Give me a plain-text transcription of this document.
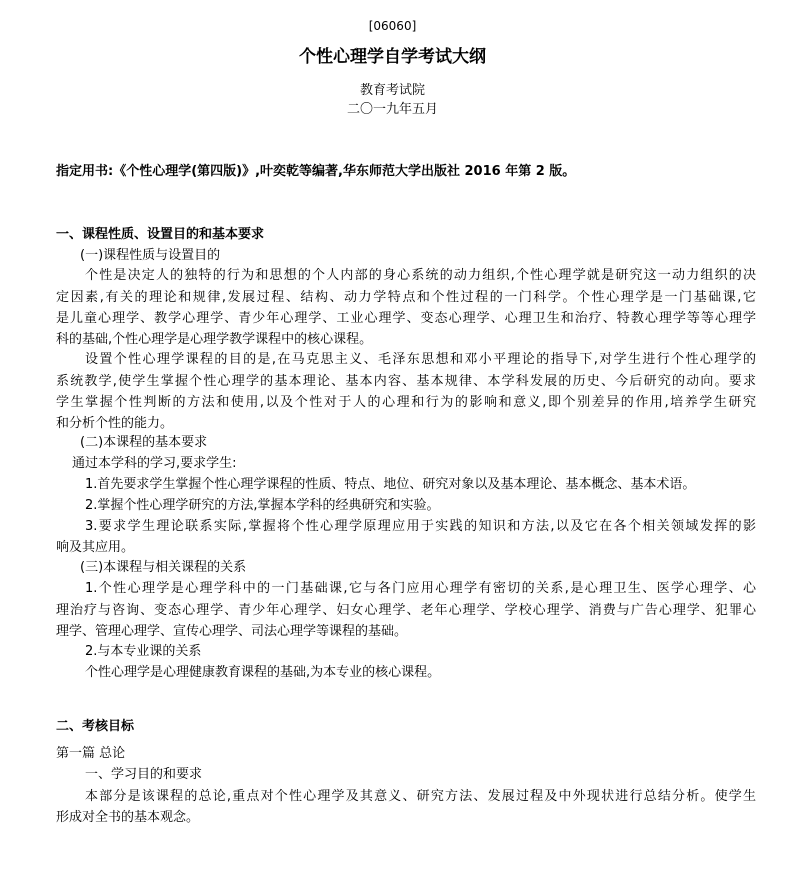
[06060]
个性心理学自学考试大纲
教育考试院
二〇一九年五月
指定用书:《个性心理学(第四版)》,叶奕乾等编著,华东师范大学出版社 2016 年第 2 版。
一、课程性质、设置目的和基本要求
(一)课程性质与设置目的
个性是决定人的独特的行为和思想的个人内部的身心系统的动力组织,个性心理学就是研究这一动力组织的决
定因素,有关的理论和规律,发展过程、结构、动力学特点和个性过程的一门科学。个性心理学是一门基础课,它
是儿童心理学、教学心理学、青少年心理学、工业心理学、变态心理学、心理卫生和治疗、特教心理学等等心理学
科的基础,个性心理学是心理学教学课程中的核心课程。
设置个性心理学课程的目的是,在马克思主义、毛泽东思想和邓小平理论的指导下,对学生进行个性心理学的
系统教学,使学生掌握个性心理学的基本理论、基本内容、基本规律、本学科发展的历史、今后研究的动向。要求
学生掌握个性判断的方法和使用,以及个性对于人的心理和行为的影响和意义,即个别差异的作用,培养学生研究
和分析个性的能力。
(二)本课程的基本要求
通过本学科的学习,要求学生:
1.首先要求学生掌握个性心理学课程的性质、特点、地位、研究对象以及基本理论、基本概念、基本术语。
2.掌握个性心理学研究的方法,掌握本学科的经典研究和实验。
3.要求学生理论联系实际,掌握将个性心理学原理应用于实践的知识和方法,以及它在各个相关领域发挥的影
响及其应用。
(三)本课程与相关课程的关系
1.个性心理学是心理学科中的一门基础课,它与各门应用心理学有密切的关系,是心理卫生、医学心理学、心
理治疗与咨询、变态心理学、青少年心理学、妇女心理学、老年心理学、学校心理学、消费与广告心理学、犯罪心
理学、管理心理学、宣传心理学、司法心理学等课程的基础。
2.与本专业课的关系
个性心理学是心理健康教育课程的基础,为本专业的核心课程。
二、考核目标
第一篇 总论
一、学习目的和要求
本部分是该课程的总论,重点对个性心理学及其意义、研究方法、发展过程及中外现状进行总结分析。使学生
形成对全书的基本观念。
